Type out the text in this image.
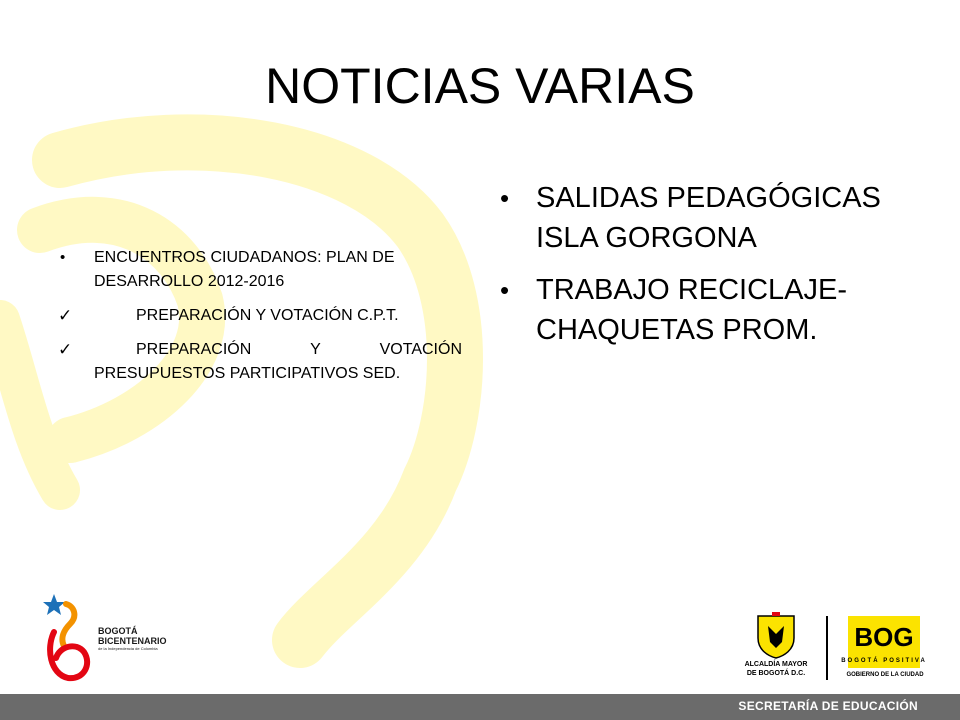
NOTICIAS VARIAS
• ENCUENTROS CIUDADANOS: PLAN DE DESARROLLO 2012-2016
✓	PREPARACIÓN Y VOTACIÓN C.P.T.
✓	PREPARACIÓN Y VOTACIÓN PRESUPUESTOS PARTICIPATIVOS SED.
• SALIDAS PEDAGÓGICAS ISLA GORGONA
• TRABAJO RECICLAJE-CHAQUETAS PROM.
BOGOTÁ
BICENTENARIO
de la Independencia de Colombia
ALCALDÍA MAYOR
DE BOGOTÁ D.C.
BOG
BOGOTÁ POSITIVA
GOBIERNO DE LA CIUDAD
SECRETARÍA DE EDUCACIÓN
